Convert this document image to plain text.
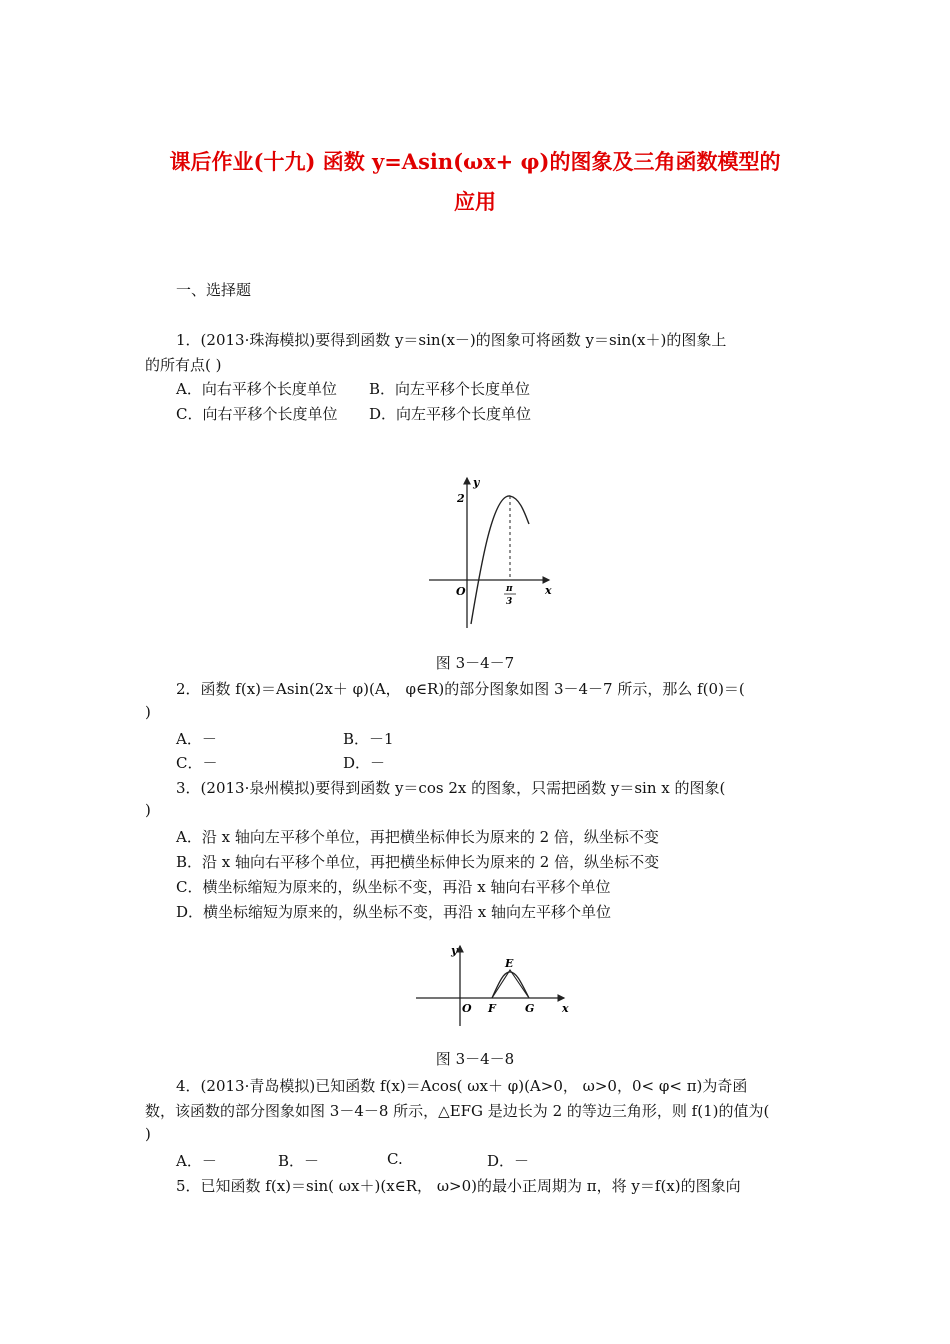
课后作业(十九) 函数 y=Asin(ωx+ φ)的图象及三角函数模型的
应用
一、选择题
1．(2013·珠海模拟)要得到函数 y＝sin(x－)的图象可将函数 y＝sin(x＋)的图象上
的所有点( )
A．向右平移个长度单位 B．向左平移个长度单位
C．向右平移个长度单位 D．向左平移个长度单位
y
x
O
2
π
3
图 3－4－7
2．函数 f(x)＝Asin(2x＋ φ)(A， φ∈R)的部分图象如图 3－4－7 所示，那么 f(0)＝(
)
A．－	B．－1
C．－	D．－
3．(2013·泉州模拟)要得到函数 y＝cos 2x 的图象，只需把函数 y＝sin x 的图象(
)
A．沿 x 轴向左平移个单位，再把横坐标伸长为原来的 2 倍，纵坐标不变
B．沿 x 轴向右平移个单位，再把横坐标伸长为原来的 2 倍，纵坐标不变
C．横坐标缩短为原来的，纵坐标不变，再沿 x 轴向右平移个单位
D．横坐标缩短为原来的，纵坐标不变，再沿 x 轴向左平移个单位
y
x
O
E
F	G
图 3－4－8
4．(2013·青岛模拟)已知函数 f(x)＝Acos( ωx＋ φ)(A>0， ω>0，0< φ< π)为奇函
数，该函数的部分图象如图 3－4－8 所示，△EFG 是边长为 2 的等边三角形，则 f(1)的值为(
)
A．－	B．－	C.	D．－
5．已知函数 f(x)＝sin( ωx＋)(x∈R， ω>0)的最小正周期为 π，将 y＝f(x)的图象向
